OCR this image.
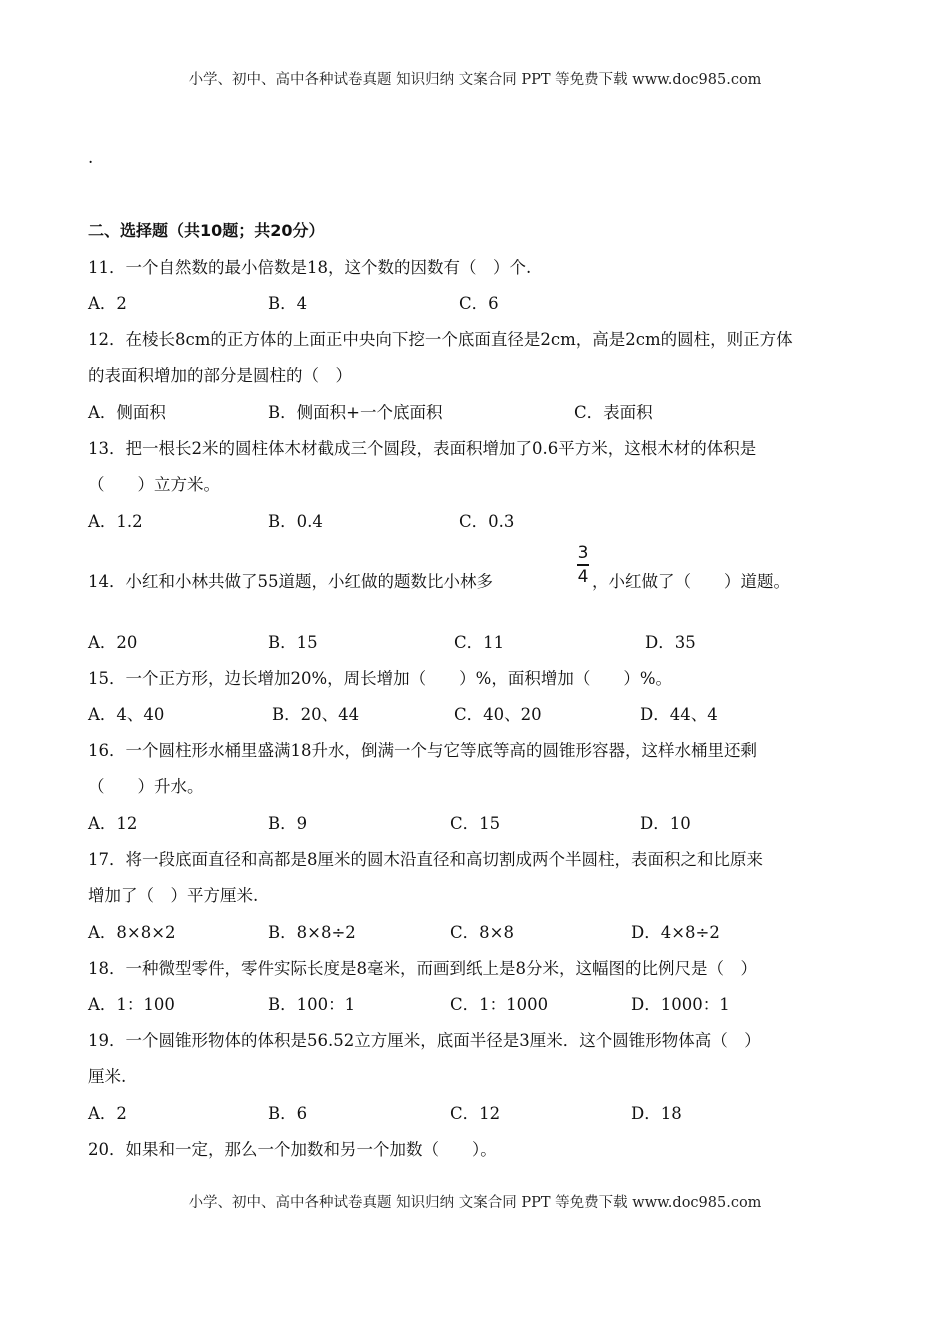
小学、初中、高中各种试卷真题 知识归纳 文案合同 PPT 等免费下载 www.doc985.com
.
二、选择题（共10题；共20分）
11．一个自然数的最小倍数是18，这个数的因数有（　）个.
A．2	B．4	C．6
12．在棱长8cm的正方体的上面正中央向下挖一个底面直径是2cm，高是2cm的圆柱，则正方体
的表面积增加的部分是圆柱的（　）
A．侧面积	B．侧面积+一个底面积	C．表面积
13．把一根长2米的圆柱体木材截成三个圆段，表面积增加了0.6平方米，这根木材的体积是
（　　）立方米。
A．1.2	B．0.4	C．0.3
14．小红和小林共做了55道题，小红做的题数比小林多
3
4 ，小红做了（　　）道题。
A．20	B．15	C．11	D．35
15．一个正方形，边长增加20%，周长增加（　　）%，面积增加（　　）%。
A．4、40	B．20、44	C．40、20	D．44、4
16．一个圆柱形水桶里盛满18升水，倒满一个与它等底等高的圆锥形容器，这样水桶里还剩
（　　）升水。
A．12	B．9	C．15	D．10
17．将一段底面直径和高都是8厘米的圆木沿直径和高切割成两个半圆柱，表面积之和比原来
增加了（　）平方厘米.
A．8×8×2	B．8×8÷2	C．8×8	D．4×8÷2
18．一种微型零件，零件实际长度是8毫米，而画到纸上是8分米，这幅图的比例尺是（　）
A．1：100	B．100：1	C．1：1000	D．1000：1
19．一个圆锥形物体的体积是56.52立方厘米，底面半径是3厘米．这个圆锥形物体高（　）
厘米.
A．2	B．6	C．12	D．18
20．如果和一定，那么一个加数和另一个加数（　　）。
小学、初中、高中各种试卷真题 知识归纳 文案合同 PPT 等免费下载 www.doc985.com
